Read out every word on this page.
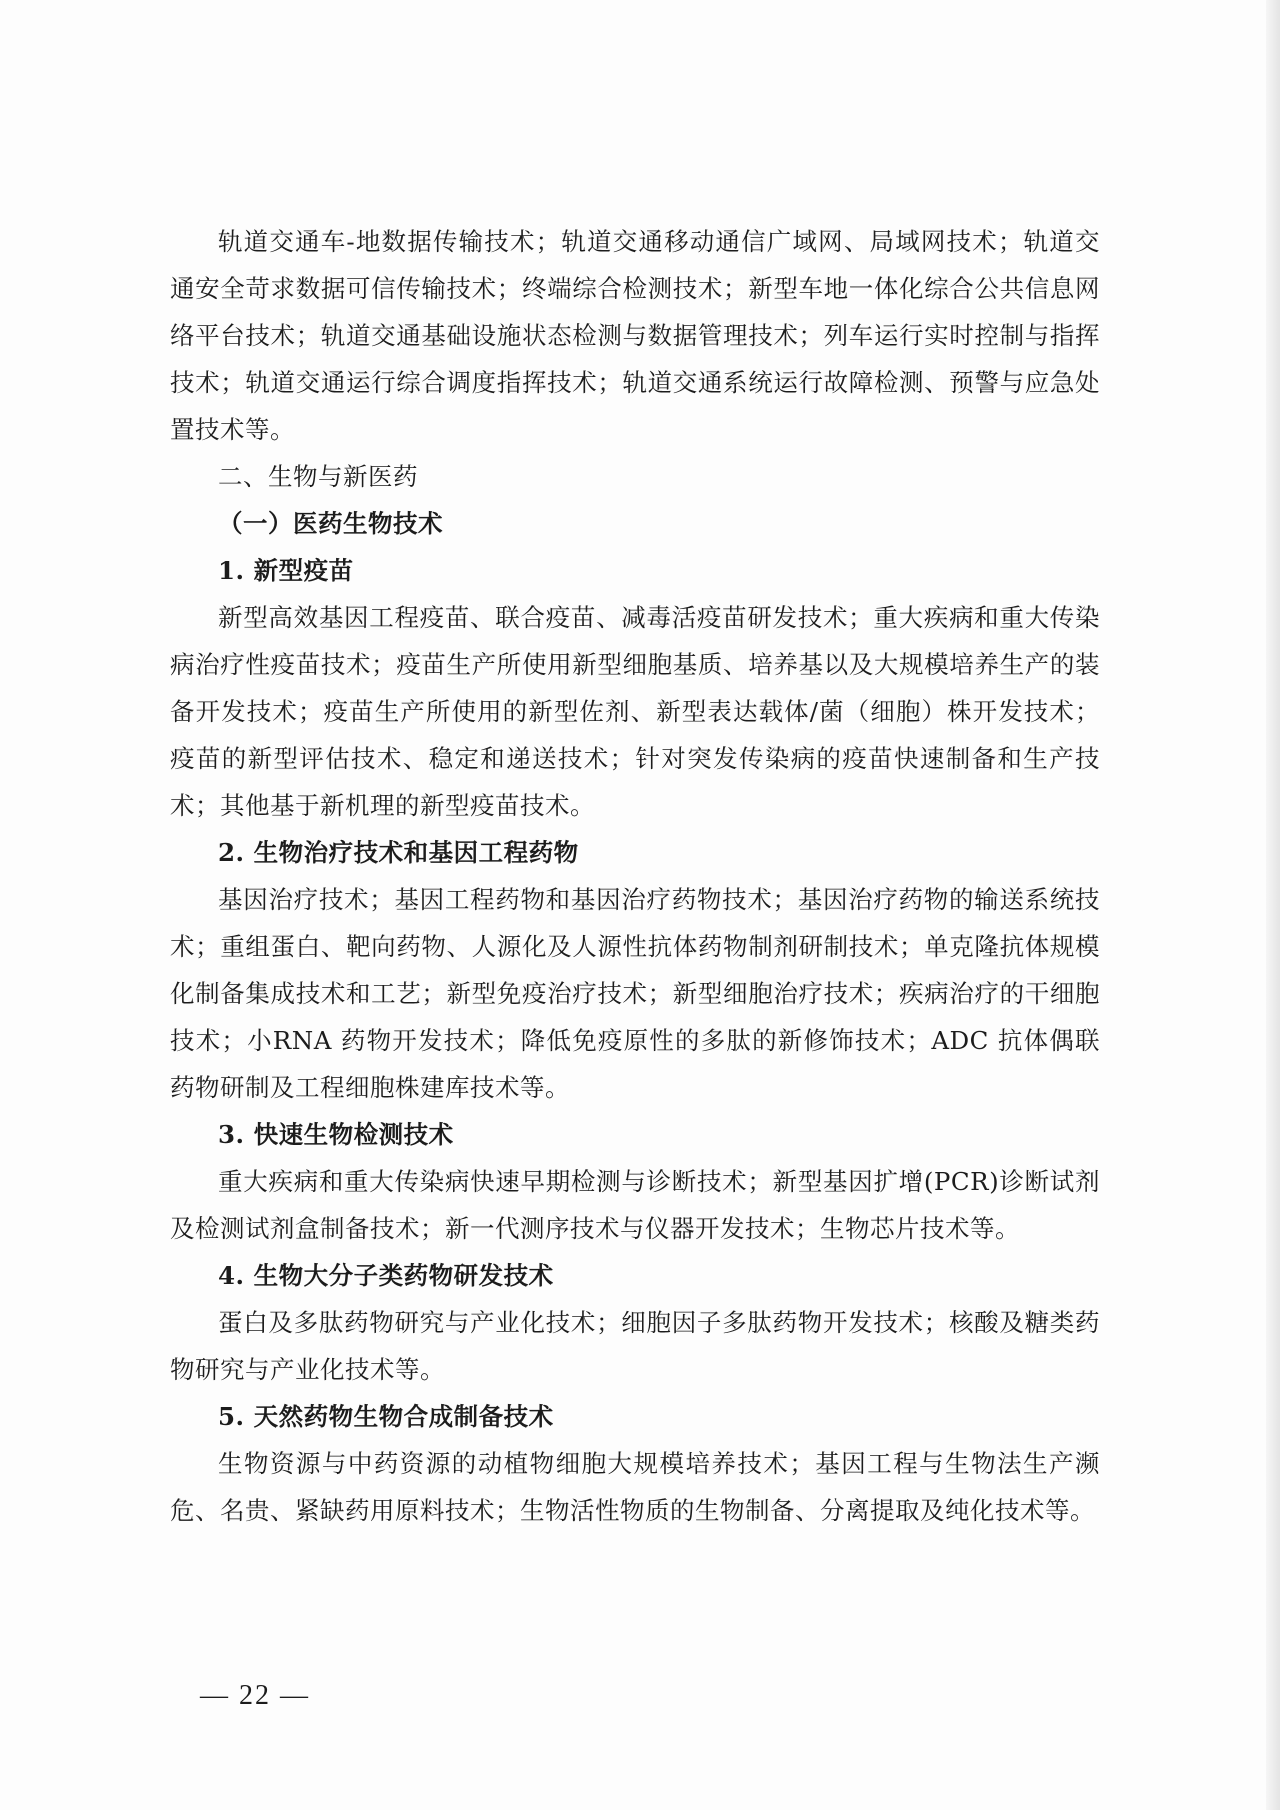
轨道交通车-地数据传输技术；轨道交通移动通信广域网、局域网技术；轨道交通安全苛求数据可信传输技术；终端综合检测技术；新型车地一体化综合公共信息网络平台技术；轨道交通基础设施状态检测与数据管理技术；列车运行实时控制与指挥技术；轨道交通运行综合调度指挥技术；轨道交通系统运行故障检测、预警与应急处置技术等。

二、生物与新医药

（一）医药生物技术

1. 新型疫苗

新型高效基因工程疫苗、联合疫苗、减毒活疫苗研发技术；重大疾病和重大传染病治疗性疫苗技术；疫苗生产所使用新型细胞基质、培养基以及大规模培养生产的装备开发技术；疫苗生产所使用的新型佐剂、新型表达载体/菌（细胞）株开发技术；疫苗的新型评估技术、稳定和递送技术；针对突发传染病的疫苗快速制备和生产技术；其他基于新机理的新型疫苗技术。

2. 生物治疗技术和基因工程药物

基因治疗技术；基因工程药物和基因治疗药物技术；基因治疗药物的输送系统技术；重组蛋白、靶向药物、人源化及人源性抗体药物制剂研制技术；单克隆抗体规模化制备集成技术和工艺；新型免疫治疗技术；新型细胞治疗技术；疾病治疗的干细胞技术；小RNA 药物开发技术；降低免疫原性的多肽的新修饰技术；ADC 抗体偶联药物研制及工程细胞株建库技术等。

3. 快速生物检测技术

重大疾病和重大传染病快速早期检测与诊断技术；新型基因扩增(PCR)诊断试剂及检测试剂盒制备技术；新一代测序技术与仪器开发技术；生物芯片技术等。

4. 生物大分子类药物研发技术

蛋白及多肽药物研究与产业化技术；细胞因子多肽药物开发技术；核酸及糖类药物研究与产业化技术等。

5. 天然药物生物合成制备技术

生物资源与中药资源的动植物细胞大规模培养技术；基因工程与生物法生产濒危、名贵、紧缺药用原料技术；生物活性物质的生物制备、分离提取及纯化技术等。

— 22 —
